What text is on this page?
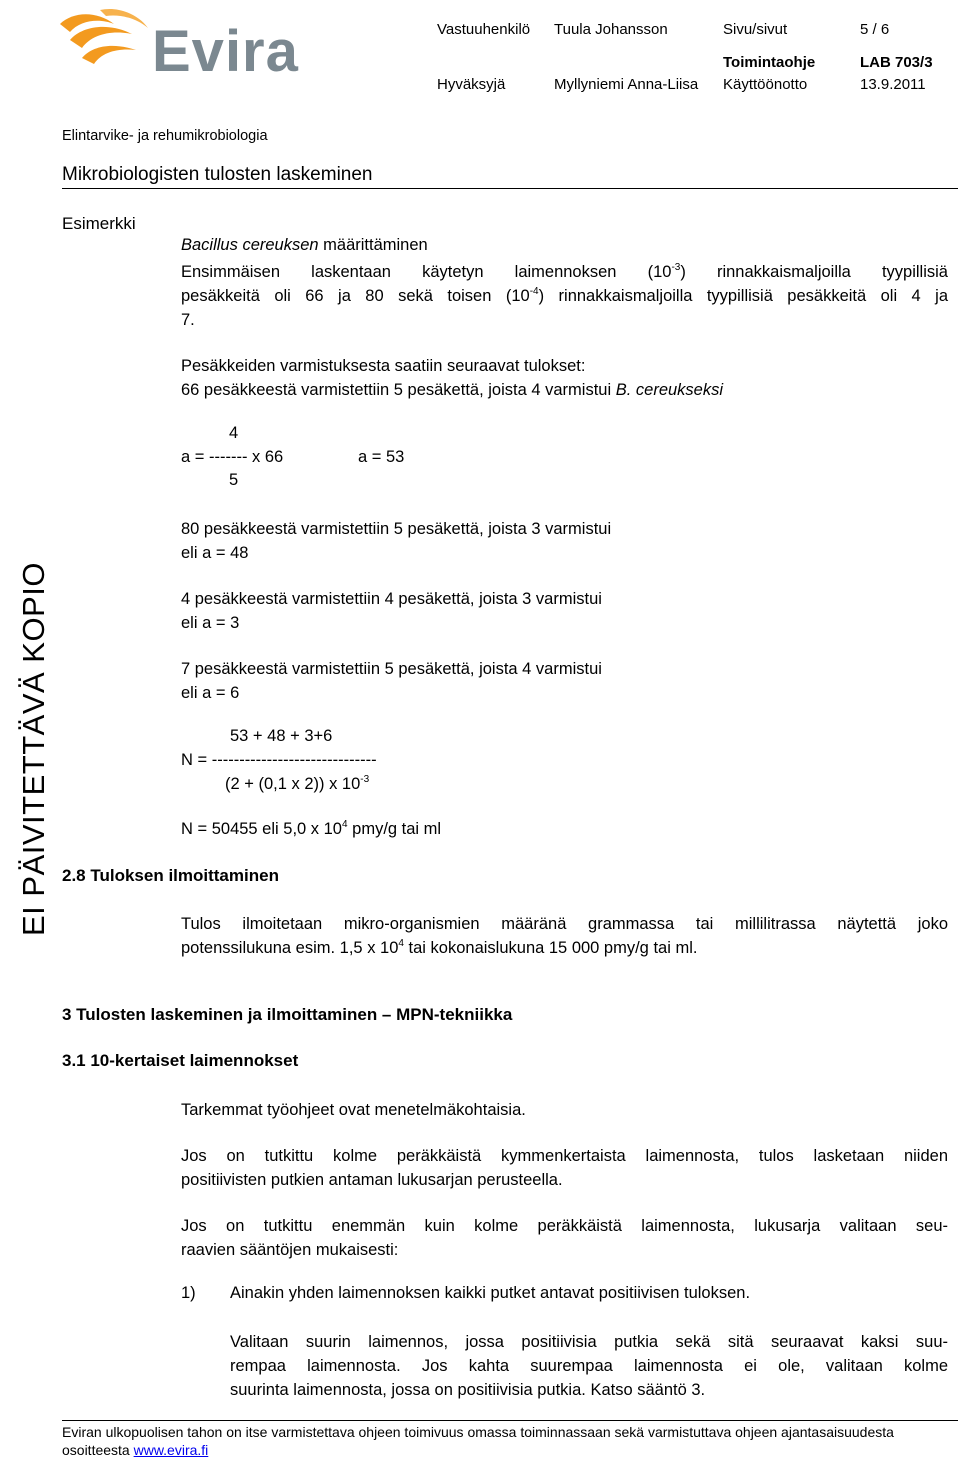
Evira	Vastuuhenkilö Tuula Johansson	Sivu/sivut	5 / 6
Toimintaohje	LAB 703/3
Hyväksyjä	Myllyniemi Anna-Liisa Käyttöönotto	13.9.2011
Elintarvike- ja rehumikrobiologia
Mikrobiologisten tulosten laskeminen
EI PÄIVITETTÄVÄ KOPIO
Esimerkki
Bacillus cereuksen määrittäminen
Ensimmäisen laskentaan käytetyn laimennoksen $(10^{-3})$ rinnakkaismaljoilla tyypillisiä
pesäkkeitä oli 66 ja 80 sekä toisen $(10^{-4})$ rinnakkaismaljoilla tyypillisiä pesäkkeitä oli 4 ja
7.
Pesäkkeiden varmistuksesta saatiin seuraavat tulokset:
66 pesäkkeestä varmistettiin 5 pesäkettä, joista 4 varmistui B. cereukseksi
4
a = ------- x 66	a = 53
5
80 pesäkkeestä varmistettiin 5 pesäkettä, joista 3 varmistui
eli a = 48
4 pesäkkeestä varmistettiin 4 pesäkettä, joista 3 varmistui
eli a = 3
7 pesäkkeestä varmistettiin 5 pesäkettä, joista 4 varmistui
eli a = 6
53 + 48 + 3+6
N = ------------------------------
(2 + (0,1 x 2)) x $10^{-3}$
N = 50455 eli 5,0 x $10^4$ pmy/g tai ml
2.8 Tuloksen ilmoittaminen
Tulos ilmoitetaan mikro-organismien määränä grammassa tai millilitrassa näytettä joko
potenssilukuna esim. 1,5 x $10^4$ tai kokonaislukuna 15 000 pmy/g tai ml.
3 Tulosten laskeminen ja ilmoittaminen – MPN-tekniikka
3.1 10-kertaiset laimennokset
Tarkemmat työohjeet ovat menetelmäkohtaisia.
Jos on tutkittu kolme peräkkäistä kymmenkertaista laimennosta, tulos lasketaan niiden
positiivisten putkien antaman lukusarjan perusteella.
Jos on tutkittu enemmän kuin kolme peräkkäistä laimennosta, lukusarja valitaan seu-
raavien sääntöjen mukaisesti:
1) Ainakin yhden laimennoksen kaikki putket antavat positiivisen tuloksen.
Valitaan suurin laimennos, jossa positiivisia putkia sekä sitä seuraavat kaksi suu-
rempaa laimennosta. Jos kahta suurempaa laimennosta ei ole, valitaan kolme
suurinta laimennosta, jossa on positiivisia putkia. Katso sääntö 3.
Eviran ulkopuolisen tahon on itse varmistettava ohjeen toimivuus omassa toiminnassaan sekä varmistuttava ohjeen ajantasaisuudesta
osoitteesta www.evira.fi
